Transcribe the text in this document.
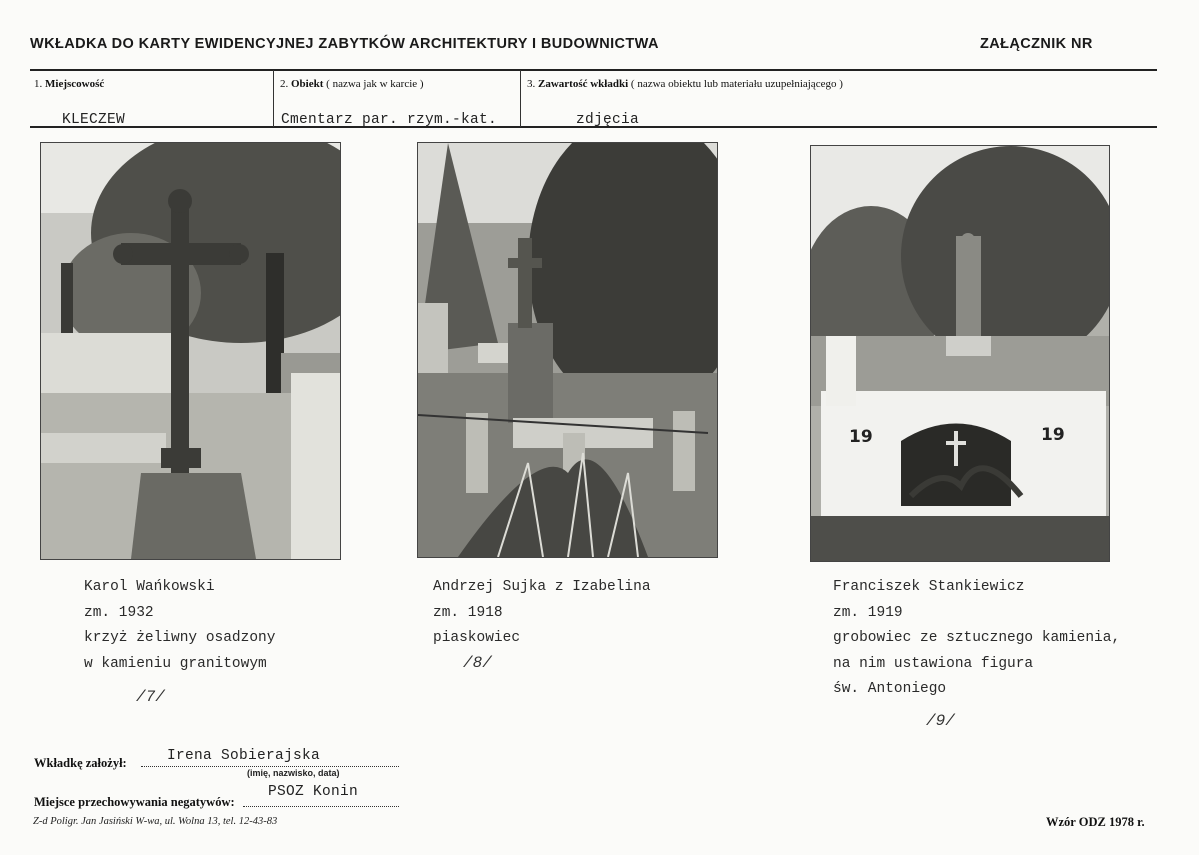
WKŁADKA DO KARTY EWIDENCYJNEJ ZABYTKÓW ARCHITEKTURY I BUDOWNICTWA	ZAŁĄCZNIK NR
1. Miejscowość
KLECZEW
2. Obiekt ( nazwa jak w karcie )
Cmentarz par. rzym.-kat.
3. Zawartość wkładki ( nazwa obiektu lub materiału uzupełniającego )
zdjęcia
19	19
Karol Wańkowski
zm. 1932
krzyż żeliwny osadzony
w kamieniu granitowym
/7/
Andrzej Sujka z Izabelina
zm. 1918
piaskowiec
/8/
Franciszek Stankiewicz
zm. 1919
grobowiec ze sztucznego kamienia,
na nim ustawiona figura
św. Antoniego
/9/
Wkładkę założył:	Irena Sobierajska
(imię, nazwisko, data)
Miejsce przechowywania negatywów:
PSOZ Konin
Z-d Poligr. Jan Jasiński W-wa, ul. Wolna 13, tel. 12-43-83	Wzór ODZ 1978 r.
